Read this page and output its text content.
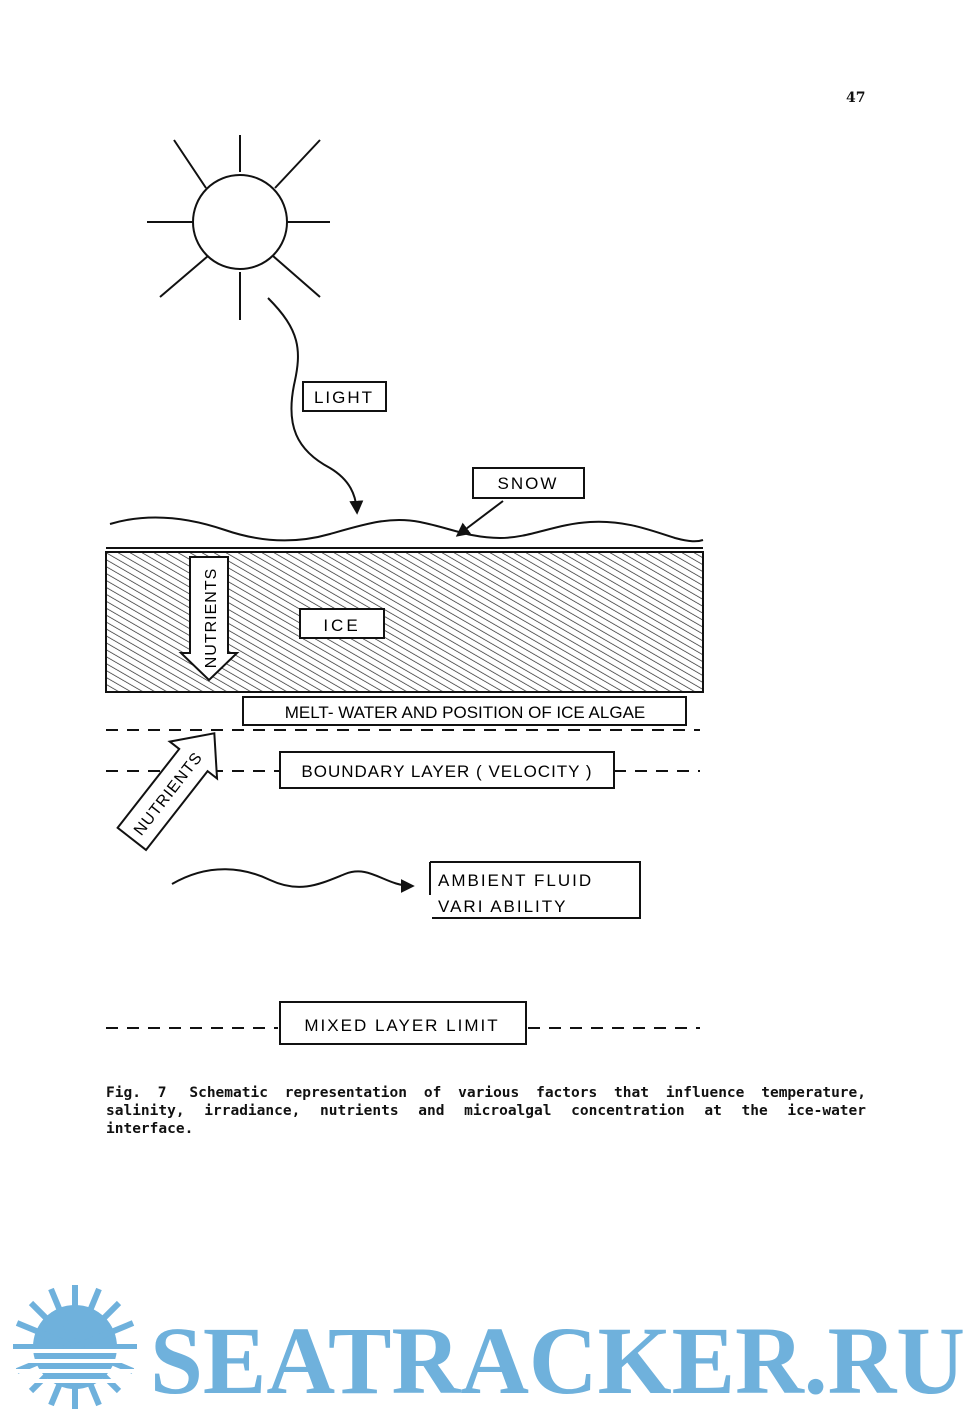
47
LIGHT
SNOW
NUTRIENTS	ICE
MELT- WATER AND POSITION OF ICE ALGAE
BOUNDARY LAYER ( VELOCITY )
NUTRIENTS
AMBIENT FLUID
VARI ABILITY
MIXED LAYER LIMIT
Fig. 7 Schematic representation of various factors that influence temperature, salinity, irradiance, nutrients and microalgal concentration at the ice-water interface.
SEATRACKER.RU
